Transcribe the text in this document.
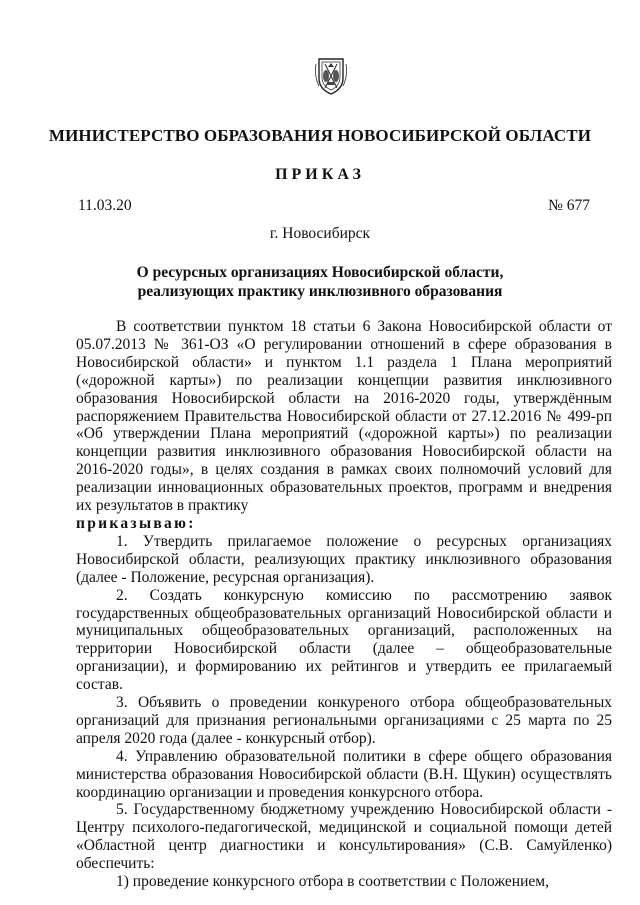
МИНИСТЕРСТВО ОБРАЗОВАНИЯ НОВОСИБИРСКОЙ ОБЛАСТИ
ПРИКАЗ
11.03.20	№ 677
г. Новосибирск
О ресурсных организациях Новосибирской области,
реализующих практику инклюзивного образования

В соответствии пунктом 18 статьи 6 Закона Новосибирской области от 05.07.2013 № 361-ОЗ «О регулировании отношений в сфере образования в Новосибирской области» и пунктом 1.1 раздела 1 Плана мероприятий («дорожной карты») по реализации концепции развития инклюзивного образования Новосибирской области на 2016-2020 годы, утверждённым распоряжением Правительства Новосибирской области от 27.12.2016 № 499-рп «Об утверждении Плана мероприятий («дорожной карты») по реализации концепции развития инклюзивного образования Новосибирской области на 2016-2020 годы», в целях создания в рамках своих полномочий условий для реализации инновационных образовательных проектов, программ и внедрения их результатов в практику

приказываю:

1. Утвердить прилагаемое положение о ресурсных организациях Новосибирской области, реализующих практику инклюзивного образования (далее - Положение, ресурсная организация).

2. Создать конкурсную комиссию по рассмотрению заявок государственных общеобразовательных организаций Новосибирской области и муниципальных общеобразовательных организаций, расположенных на территории Новосибирской области (далее – общеобразовательные организации), и формированию их рейтингов и утвердить ее прилагаемый состав.

3. Объявить о проведении конкуреного отбора общеобразовательных организаций для признания региональными организациями с 25 марта по 25 апреля 2020 года (далее - конкурсный отбор).

4. Управлению образовательной политики в сфере общего образования министерства образования Новосибирской области (В.Н. Щукин) осуществлять координацию организации и проведения конкурсного отбора.

5. Государственному бюджетному учреждению Новосибирской области - Центру психолого-педагогической, медицинской и социальной помощи детей «Областной центр диагностики и консультирования» (С.В. Самуйленко) обеспечить:

1) проведение конкурсного отбора в соответствии с Положением,
